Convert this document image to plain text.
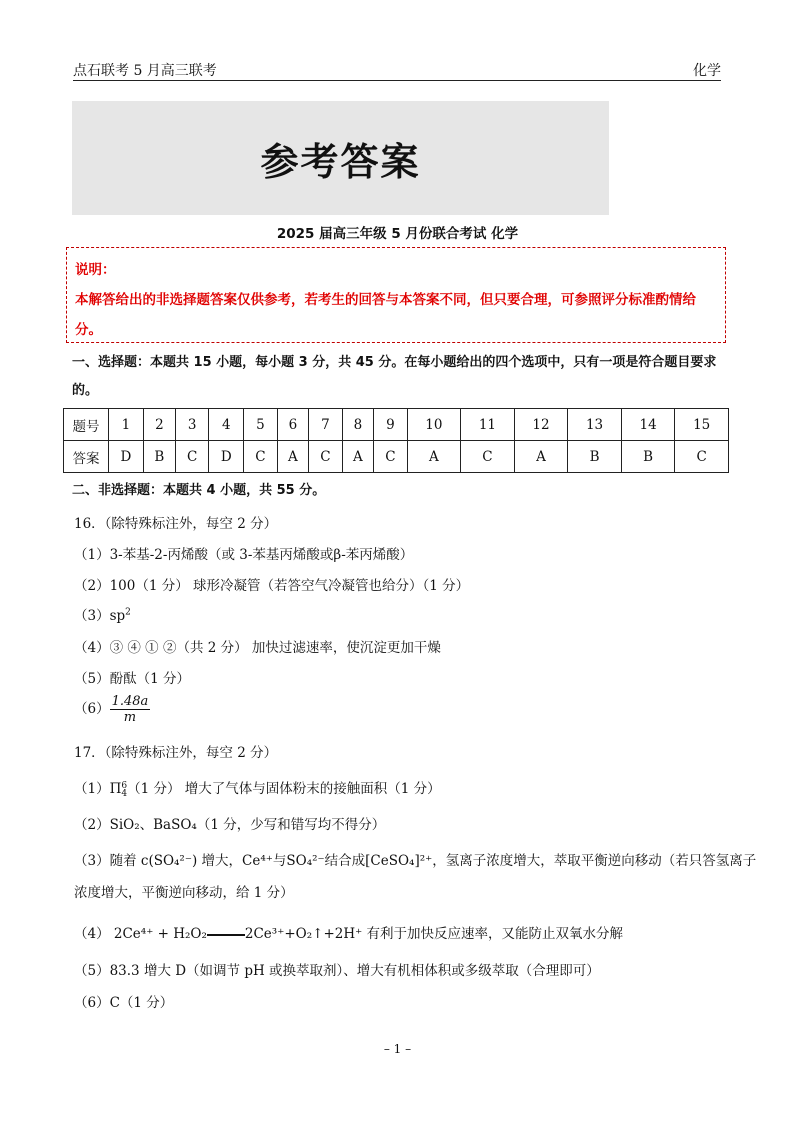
点石联考 5 月高三联考	化学
参考答案
2025 届高三年级 5 月份联合考试 化学
说明：
本解答给出的非选择题答案仅供参考，若考生的回答与本答案不同，但只要合理，可参照评分标准酌情给分。
一、选择题：本题共 15 小题，每小题 3 分，共 45 分。在每小题给出的四个选项中，只有一项是符合题目要求的。
题号	1	2	3	4	5	6	7	8	9	10	11	12	13	14	15
答案	D	B	C	D	C	A	C	A	C	A	C	A	B	B	C
二、非选择题：本题共 4 小题，共 55 分。
16．（除特殊标注外，每空 2 分）
（1）3-苯基-2-丙烯酸（或 3-苯基丙烯酸或β-苯丙烯酸）
（2）100（1 分） 球形冷凝管（若答空气冷凝管也给分）（1 分）
$(3)sp^2$
（4）③ ④ ① ②（共 2 分） 加快过滤速率，使沉淀更加干燥
（5）酚酞（1 分）
$(6) \frac{1.48a}{m}$
17．（除特殊标注外，每空 2 分）
（1）Π 6
4 （1 分） 增大了气体与固体粉末的接触面积（1 分）
（2）SiO₂、BaSO₄（1 分，少写和错写均不得分）
（3）随着 c(SO₄²⁻) 增大，Ce⁴⁺与SO₄²⁻结合成[CeSO₄]²⁺，氢离子浓度增大，萃取平衡逆向移动（若只答氢离子
浓度增大，平衡逆向移动，给 1 分）
（4） 2Ce⁴⁺ + H₂O₂	2Ce³⁺+O₂↑+2H⁺ 有利于加快反应速率，又能防止双氧水分解
（5）83.3 增大 D（如调节 pH 或换萃取剂）、增大有机相体积或多级萃取（合理即可）
（6）C（1 分）
– 1 –
